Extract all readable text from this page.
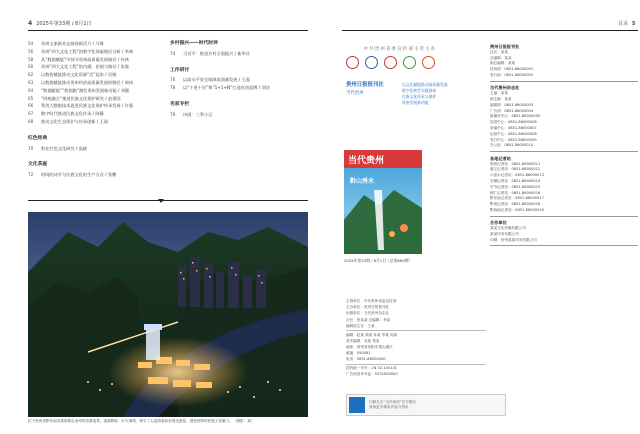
4 2025年第33期 / 8月1日
54	贵州文旅新业态展现新活力 / 马骞
56	贵州“四大文化工程”的数字化探索路径分析 / 李林
58	从“数据赋能”中探寻贵州高质量发展路径 / 杜林
60	贵州“四大文化工程”的内涵、价值与路径 / 张俊
62	以数智赋能推动文化资源“活”起来 / 吴敏
63	以数据赋能推动贵州经济高质量发展的路径 / 周伟
64	“数据赋能”“数据跑”激发贵州发展新动能 / 刘健
65	“四座融合”推进民族文化保护研究 / 赵建国
66	利用大数据技术促进民族文化保护传承发展 / 许强
67	数字时代推进民族文化传承 / 陈静
68	推动文化生态保护与传承创新 / 王丽
红色经典
70	黔北红色文化研究 / 高晓
文化茶座
72	时间的诗学与民族文化的生产方式 / 张鹏
乡村振兴——时代时评
74	习近平：推进乡村全面振兴 / 新华社
工作研讨
76	以高水平安全保障高质量发展 / 王磊
78	以“十进十送”和“1+1+N”打造宣讲品牌 / 刘洁
名家专栏
79	诗画：三季小记
位于贵州省黔东南苗族侗族自治州的苗寨夜景。夜幕降临，灯火璀璨，吸引了大量游客前来观光游览，感受独特的民族文化魅力。（摄影：某）
目录 5
中共贵州省委宣传部主管主办
贵州日报报刊社
当代贵州
以文化赋能推动高质量发展
数字化转型实践探索
民族文化传承与保护
贵州发展新动能
当代贵州
黔山秀水
2025年第33期 / 8月1日（总第869期）
主管单位：中共贵州省委宣传部
主办单位：贵州日报报刊社
出版单位：当代贵州杂志社
社长：张某某 总编辑：李某
编辑部主任：王某
编辑：赵某 钱某 孙某 李某 周某
美术编辑：吴某 郑某
地址：贵州省贵阳市观山湖区
邮编：550081
电话：0851-86000000
国内统一刊号：CN 52-1001/D
广告经营许可证：5201000000
扫码关注“当代贵州”官方微信
获取更多精彩内容与资讯
贵州日报报刊社
社长：某某
总编辑：某某
副总编辑：某某
经营部：0851-86000001
发行部：0851-86000002
当代贵州杂志社
主编：某某
副主编：某某
编辑部：0851-86000003
广告部：0851-86000004
新媒体中心：0851-86000005
视觉中心：0851-86000006
采编中心：0851-86000007
运营中心：0851-86000008
发行中心：0851-86000009
办公室：0851-86000010
各地记者站
贵阳记者站：0851-86000011
遵义记者站：0851-86000012
六盘水记者站：0851-86000013
安顺记者站：0851-86000014
毕节记者站：0851-86000015
铜仁记者站：0851-86000016
黔东南记者站：0851-86000017
黔南记者站：0851-86000018
黔西南记者站：0851-86000019
合作单位
某某文化传媒有限公司
某某印务有限公司
印刷：贵州某某印务有限公司
